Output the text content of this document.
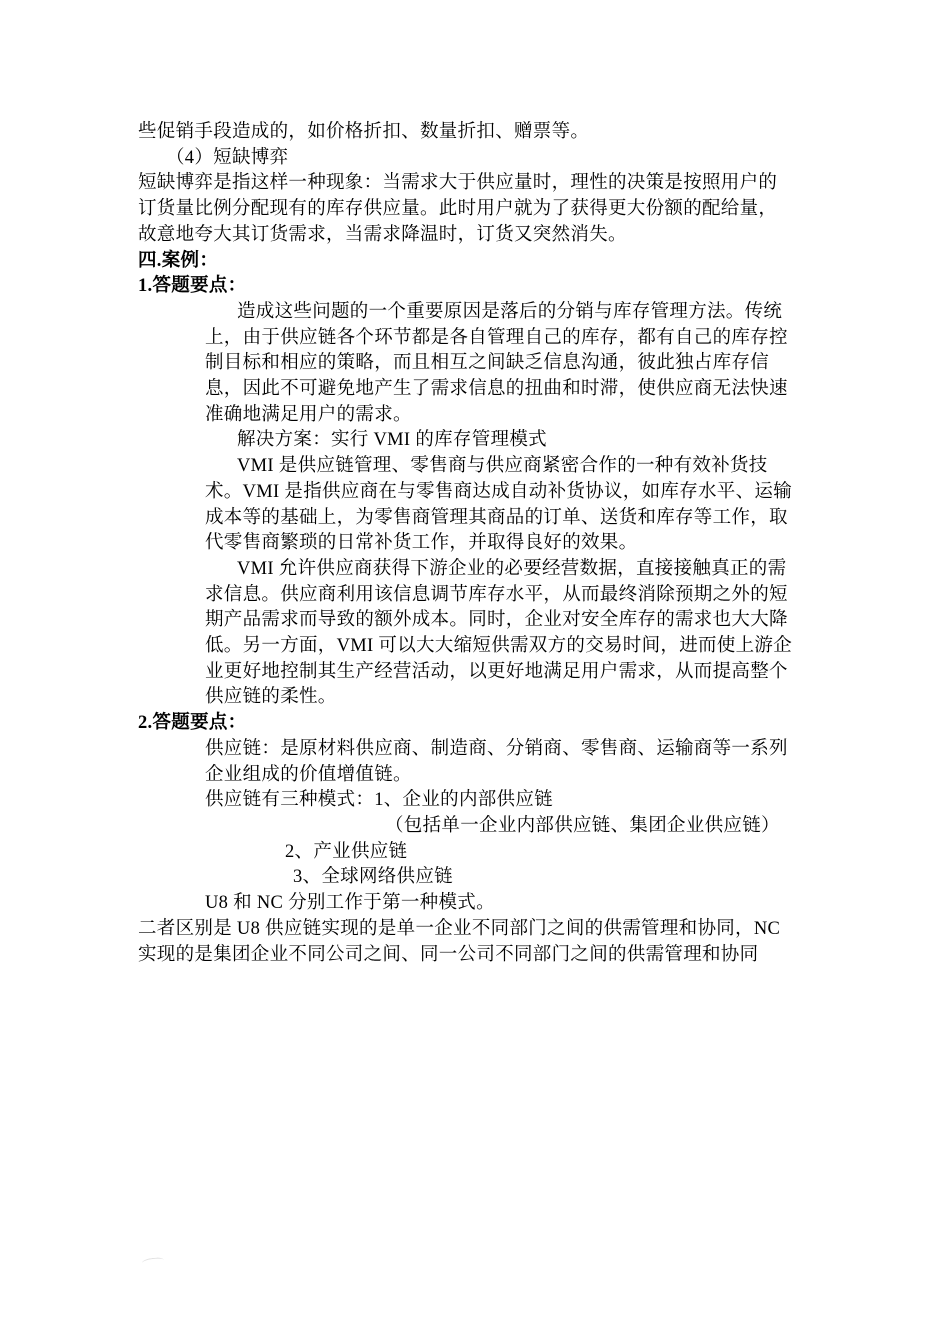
些促销手段造成的，如价格折扣、数量折扣、赠票等。
（4）短缺博弈
短缺博弈是指这样一种现象：当需求大于供应量时，理性的决策是按照用户的
订货量比例分配现有的库存供应量。此时用户就为了获得更大份额的配给量，
故意地夸大其订货需求，当需求降温时，订货又突然消失。
四.案例：
1.答题要点：
造成这些问题的一个重要原因是落后的分销与库存管理方法。传统
上，由于供应链各个环节都是各自管理自己的库存，都有自己的库存控
制目标和相应的策略，而且相互之间缺乏信息沟通，彼此独占库存信
息，因此不可避免地产生了需求信息的扭曲和时滞，使供应商无法快速
准确地满足用户的需求。
解决方案：实行 VMI 的库存管理模式
VMI 是供应链管理、零售商与供应商紧密合作的一种有效补货技
术。VMI 是指供应商在与零售商达成自动补货协议，如库存水平、运输
成本等的基础上，为零售商管理其商品的订单、送货和库存等工作，取
代零售商繁琐的日常补货工作，并取得良好的效果。
VMI 允许供应商获得下游企业的必要经营数据，直接接触真正的需
求信息。供应商利用该信息调节库存水平，从而最终消除预期之外的短
期产品需求而导致的额外成本。同时，企业对安全库存的需求也大大降
低。另一方面，VMI 可以大大缩短供需双方的交易时间，进而使上游企
业更好地控制其生产经营活动，以更好地满足用户需求，从而提高整个
供应链的柔性。
2.答题要点：
供应链：是原材料供应商、制造商、分销商、零售商、运输商等一系列
企业组成的价值增值链。
供应链有三种模式：1、企业的内部供应链
（包括单一企业内部供应链、集团企业供应链）
2、产业供应链
3、全球网络供应链
U8 和 NC 分别工作于第一种模式。
二者区别是 U8 供应链实现的是单一企业不同部门之间的供需管理和协同，NC
实现的是集团企业不同公司之间、同一公司不同部门之间的供需管理和协同
